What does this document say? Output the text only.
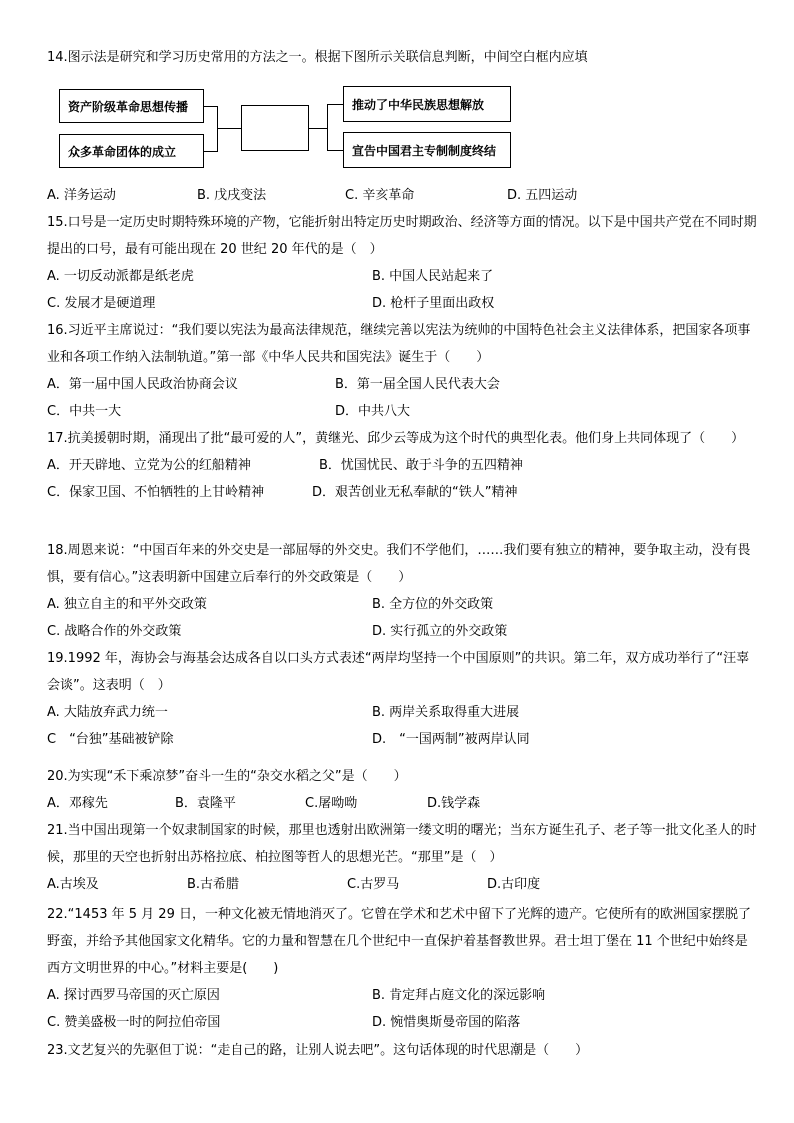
14.图示法是研究和学习历史常用的方法之一。根据下图所示关联信息判断，中间空白框内应填

资产阶级革命思想传播
众多革命团体的成立
推动了中华民族思想解放
宣告中国君主专制制度终结
A. 洋务运动	B. 戊戌变法	C. 辛亥革命	D. 五四运动

15.口号是一定历史时期特殊环境的产物，它能折射出特定历史时期政治、经济等方面的情况。以下是中国共产党在不同时期提出的口号，最有可能出现在 20 世纪 20 年代的是（　）

A. 一切反动派都是纸老虎	B. 中国人民站起来了
C. 发展才是硬道理	D. 枪杆子里面出政权

16.习近平主席说过：“我们要以宪法为最高法律规范，继续完善以宪法为统帅的中国特色社会主义法律体系，把国家各项事业和各项工作纳入法制轨道。”第一部《中华人民共和国宪法》诞生于（　　）

A．第一届中国人民政治协商会议	B．第一届全国人民代表大会
C．中共一大	D．中共八大

17.抗美援朝时期，涌现出了批“最可爱的人”，黄继光、邱少云等成为这个时代的典型化表。他们身上共同体现了（　　）

A．开天辟地、立党为公的红船精神	B．忧国忧民、敢于斗争的五四精神
C．保家卫国、不怕牺牲的上甘岭精神	D．艰苦创业无私奉献的“铁人”精神

18.周恩来说：“中国百年来的外交史是一部屈辱的外交史。我们不学他们，……我们要有独立的精神，要争取主动，没有畏惧，要有信心。”这表明新中国建立后奉行的外交政策是（　　）

A. 独立自主的和平外交政策	B. 全方位的外交政策
C. 战略合作的外交政策	D. 实行孤立的外交政策

19.1992 年，海协会与海基会达成各自以口头方式表述“两岸均坚持一个中国原则”的共识。第二年，双方成功举行了“汪辜会谈”。这表明（　）

A. 大陆放弃武力统一	B. 两岸关系取得重大进展
C　“台独”基础被铲除	D.　“一国两制”被两岸认同

20.为实现“禾下乘凉梦”奋斗一生的“杂交水稻之父”是（　　）

A．邓稼先	B．袁隆平	C.屠呦呦	D.钱学森

21.当中国出现第一个奴隶制国家的时候，那里也透射出欧洲第一缕文明的曙光；当东方诞生孔子、老子等一批文化圣人的时候，那里的天空也折射出苏格拉底、柏拉图等哲人的思想光芒。“那里”是（　）

A.古埃及	B.古希腊	C.古罗马	D.古印度

22.“1453 年 5 月 29 日，一种文化被无情地消灭了。它曾在学术和艺术中留下了光辉的遗产。它使所有的欧洲国家摆脱了野蛮，并给予其他国家文化精华。它的力量和智慧在几个世纪中一直保护着基督教世界。君士坦丁堡在 11 个世纪中始终是西方文明世界的中心。”材料主要是(　　)

A. 探讨西罗马帝国的灭亡原因	B. 肯定拜占庭文化的深远影响
C. 赞美盛极一时的阿拉伯帝国	D. 惋惜奥斯曼帝国的陷落

23.文艺复兴的先驱但丁说：“走自己的路，让别人说去吧”。这句话体现的时代思潮是（　　）
